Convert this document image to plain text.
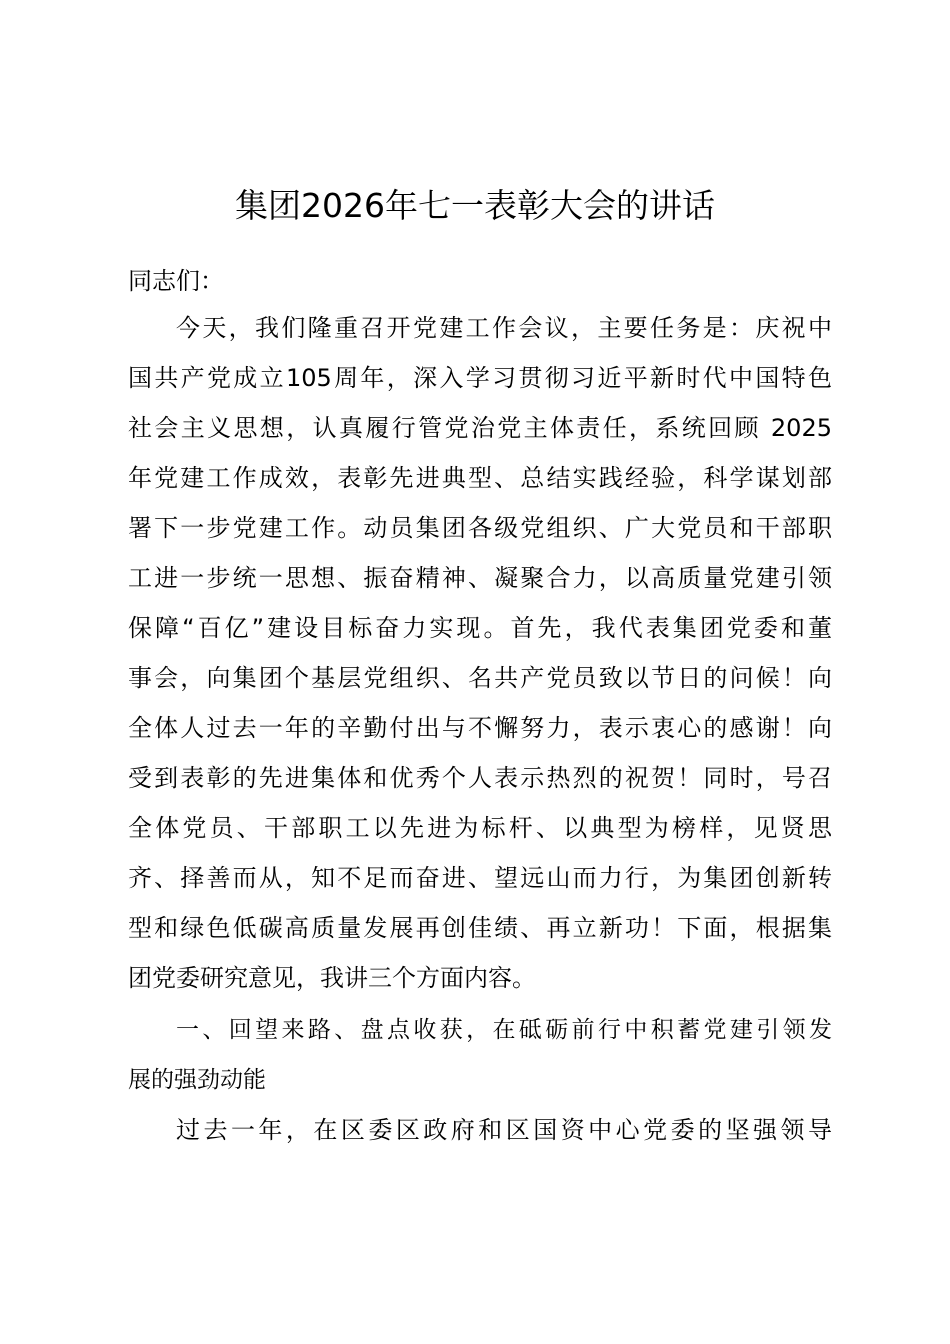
集团2026年七一表彰大会的讲话
同志们：
今天，我们隆重召开党建工作会议，主要任务是：庆祝中
国共产党成立105周年，深入学习贯彻习近平新时代中国特色
社会主义思想，认真履行管党治党主体责任，系统回顾 2025
年党建工作成效，表彰先进典型、总结实践经验，科学谋划部
署下一步党建工作。动员集团各级党组织、广大党员和干部职
工进一步统一思想、振奋精神、凝聚合力，以高质量党建引领
保障“百亿”建设目标奋力实现。首先，我代表集团党委和董
事会，向集团个基层党组织、名共产党员致以节日的问候！向
全体人过去一年的辛勤付出与不懈努力，表示衷心的感谢！向
受到表彰的先进集体和优秀个人表示热烈的祝贺！同时，号召
全体党员、干部职工以先进为标杆、以典型为榜样，见贤思
齐、择善而从，知不足而奋进、望远山而力行，为集团创新转
型和绿色低碳高质量发展再创佳绩、再立新功！下面，根据集
团党委研究意见，我讲三个方面内容。
一、回望来路、盘点收获，在砥砺前行中积蓄党建引领发
展的强劲动能
过去一年，在区委区政府和区国资中心党委的坚强领导
